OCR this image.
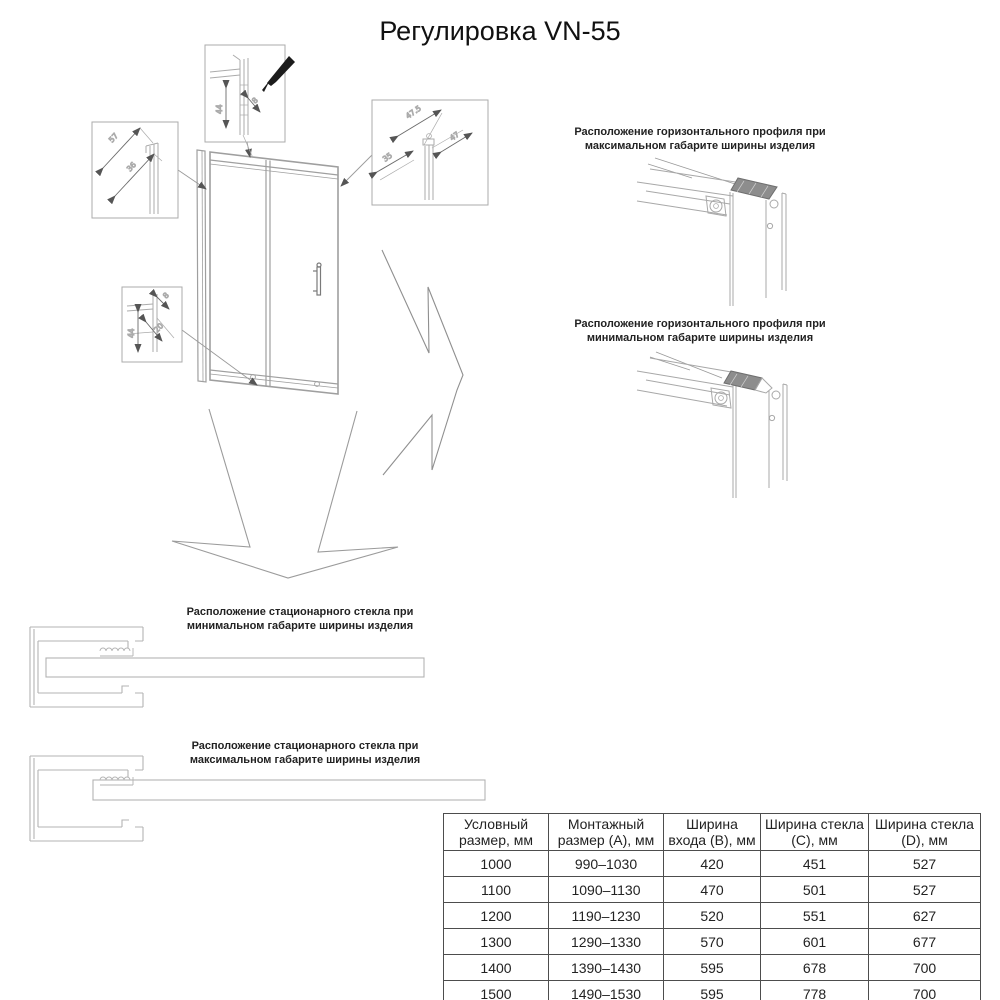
Регулировка VN-55
Расположение горизонтального профиля при максимальном габарите ширины изделия
Расположение горизонтального профиля при минимальном габарите ширины изделия
Расположение стационарного стекла при минимальном габарите ширины изделия
Расположение стационарного стекла при максимальном габарите ширины изделия
57
36
44
8
47.5
35
47
8
44 20
Условный размер, мм	Монтажный размер (A), мм	Ширина входа (B), мм	Ширина стекла (C), мм	Ширина стекла (D), мм
1000	990–1030	420	451	527
1100	1090–1130	470	501	527
1200	1190–1230	520	551	627
1300	1290–1330	570	601	677
1400	1390–1430	595	678	700
1500	1490–1530	595	778	700
